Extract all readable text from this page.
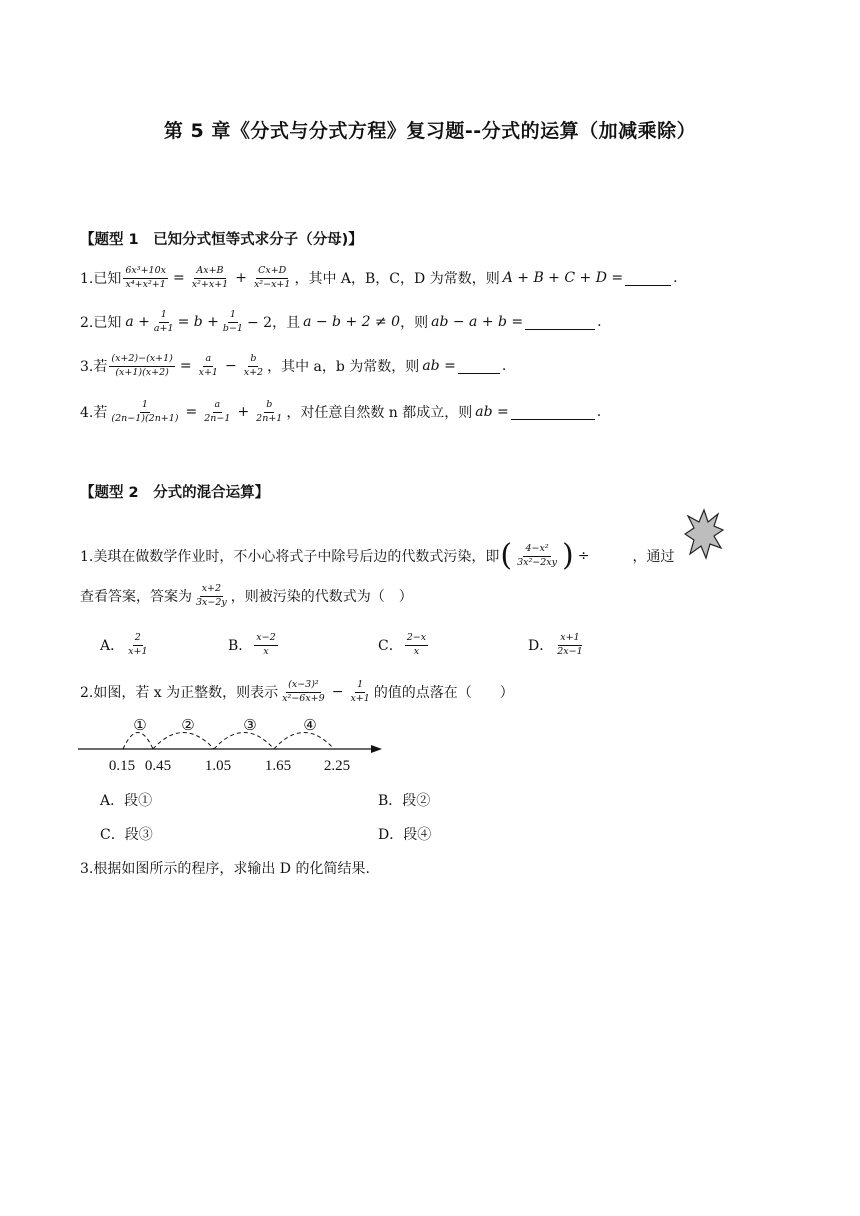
第 5 章《分式与分式方程》复习题--分式的运算（加减乘除）
【题型 1　已知分式恒等式求分子（分母)】
1.已知 $\frac{\text{6x³+10x}}{\text{x⁴+x²+1}} = \frac{Ax+B}{\text{x²+x+1}} + \frac{Cx+D}{\text{x²−x+1}}$ ，其中 A，B，C，D 为常数，则 A + B + C + D =	.
2.已知 $a + \frac{1}{a+1} = b + \frac{1}{b-1} - 2$，且 a − b + 2 ≠ 0 ，则 ab − a + b =	.
3.若 $\frac{(x+2)-(x+1)}{(x+1)(x+2)} = \frac{a}{x+1} - \frac{b}{x+2}$ ，其中 a，b 为常数，则 ab =	.
4.若 $\frac{1}{(2n-1)(2n+1)} = \frac{a}{2n-1} + \frac{b}{2n+1}$ ，对任意自然数 n 都成立，则 ab =	.
【题型 2　分式的混合运算】
1.美琪在做数学作业时，不小心将式子中除号后边的代数式污染，即 ( $\frac{\text{4−x²}}{\text{3x²−2xy}}$ ) ÷	，通过
查看答案，答案为 $\frac{x+2}{3x-2y}$ ，则被污染的代数式为（　）
A． $\frac{2}{x+1}$	B． $\frac{x-2}{x}$	C． $\frac{2-x}{x}$	D． $\frac{x+1}{2x-1}$
2.如图，若 x 为正整数，则表示 $\frac{\text{(x−3)²}}{\text{x²−6x+9}} - \frac{1}{x+1}$ 的值的点落在（　　）
① ②	③	④
0.15 0.45 1.05 1.65 2.25
A．段①	B．段②
C．段③	D．段④
3.根据如图所示的程序，求输出 D 的化简结果.
